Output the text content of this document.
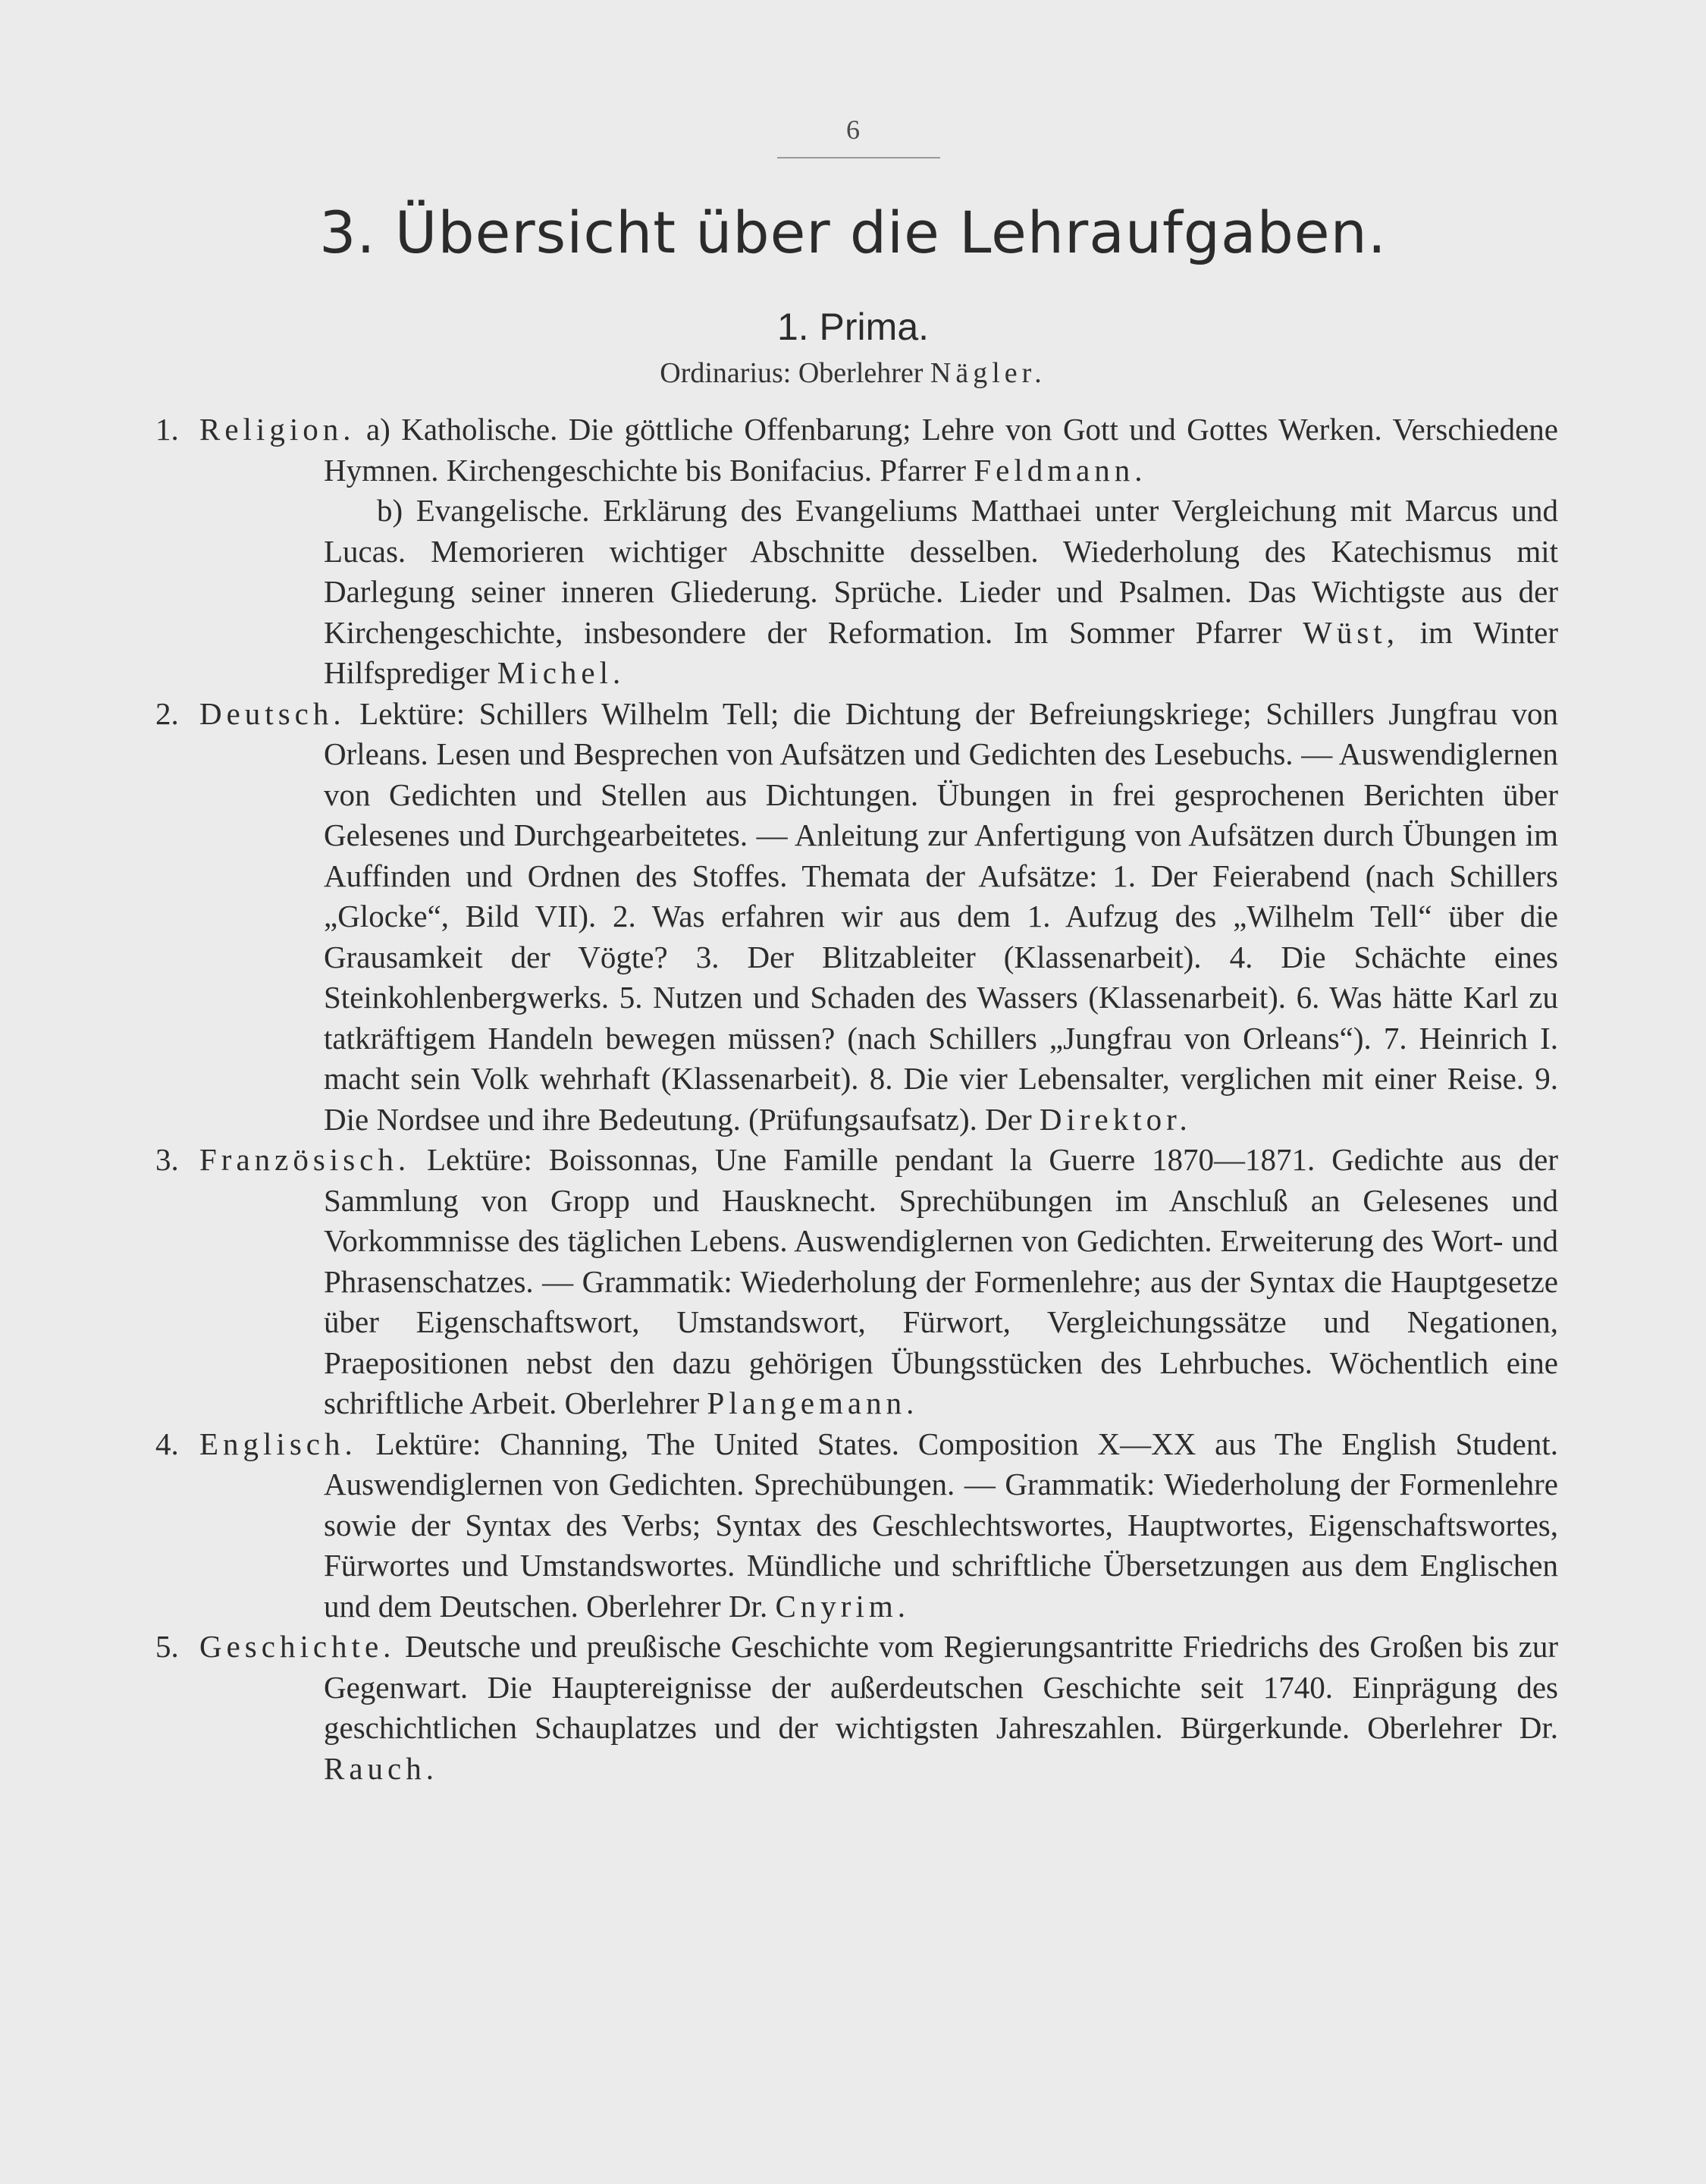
6
3. Übersicht über die Lehraufgaben.
1. Prima.
Ordinarius: Oberlehrer Nägler.

1. Religion. a) Katholische. Die göttliche Offenbarung; Lehre von Gott und Gottes Werken. Verschiedene Hymnen. Kirchengeschichte bis Bonifacius. Pfarrer Feldmann.
b) Evangelische. Erklärung des Evangeliums Matthaei unter Vergleichung mit Marcus und Lucas. Memorieren wichtiger Abschnitte desselben. Wiederholung des Katechismus mit Darlegung seiner inneren Gliederung. Sprüche. Lieder und Psalmen. Das Wichtigste aus der Kirchengeschichte, insbesondere der Reformation. Im Sommer Pfarrer Wüst, im Winter Hilfsprediger Michel.

2. Deutsch. Lektüre: Schillers Wilhelm Tell; die Dichtung der Befreiungskriege; Schillers Jungfrau von Orleans. Lesen und Besprechen von Aufsätzen und Gedichten des Lesebuchs. — Auswendiglernen von Gedichten und Stellen aus Dichtungen. Übungen in frei gesprochenen Berichten über Gelesenes und Durchgearbeitetes. — Anleitung zur Anfertigung von Aufsätzen durch Übungen im Auffinden und Ordnen des Stoffes. Themata der Aufsätze: 1. Der Feierabend (nach Schillers „Glocke“, Bild VII). 2. Was erfahren wir aus dem 1. Aufzug des „Wilhelm Tell“ über die Grausamkeit der Vögte? 3. Der Blitzableiter (Klassenarbeit). 4. Die Schächte eines Steinkohlenbergwerks. 5. Nutzen und Schaden des Wassers (Klassenarbeit). 6. Was hätte Karl zu tatkräftigem Handeln bewegen müssen? (nach Schillers „Jungfrau von Orleans“). 7. Heinrich I. macht sein Volk wehrhaft (Klassenarbeit). 8. Die vier Lebensalter, verglichen mit einer Reise. 9. Die Nordsee und ihre Bedeutung. (Prüfungsaufsatz). Der Direktor.

3. Französisch. Lektüre: Boissonnas, Une Famille pendant la Guerre 1870—1871. Gedichte aus der Sammlung von Gropp und Hausknecht. Sprechübungen im Anschluß an Gelesenes und Vorkommnisse des täglichen Lebens. Auswendiglernen von Gedichten. Erweiterung des Wort- und Phrasenschatzes. — Grammatik: Wiederholung der Formenlehre; aus der Syntax die Hauptgesetze über Eigenschaftswort, Umstandswort, Fürwort, Vergleichungssätze und Negationen, Praepositionen nebst den dazu gehörigen Übungsstücken des Lehrbuches. Wöchentlich eine schriftliche Arbeit. Oberlehrer Plangemann.

4. Englisch. Lektüre: Channing, The United States. Composition X—XX aus The English Student. Auswendiglernen von Gedichten. Sprechübungen. — Grammatik: Wiederholung der Formenlehre sowie der Syntax des Verbs; Syntax des Geschlechtswortes, Hauptwortes, Eigenschaftswortes, Fürwortes und Umstandswortes. Mündliche und schriftliche Übersetzungen aus dem Englischen und dem Deutschen. Oberlehrer Dr. Cnyrim.

5. Geschichte. Deutsche und preußische Geschichte vom Regierungsantritte Friedrichs des Großen bis zur Gegenwart. Die Hauptereignisse der außerdeutschen Geschichte seit 1740. Einprägung des geschichtlichen Schauplatzes und der wichtigsten Jahreszahlen. Bürgerkunde. Oberlehrer Dr. Rauch.
